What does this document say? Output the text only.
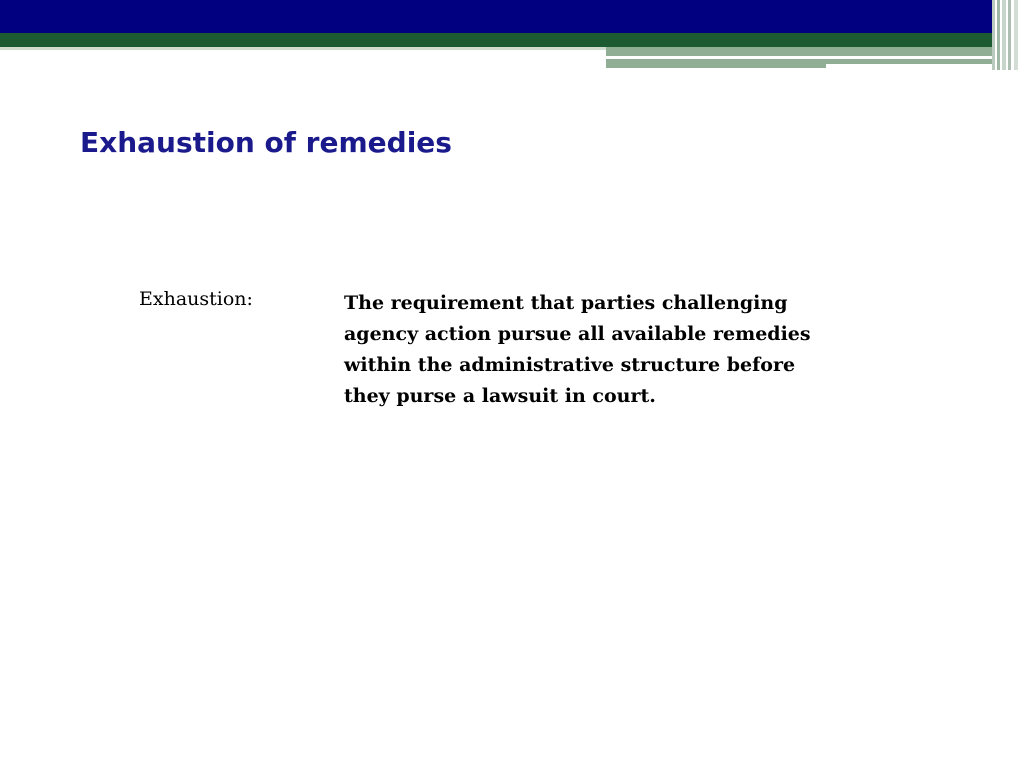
Exhaustion of remedies

Exhaustion:	The requirement that parties challenging
agency action pursue all available remedies
within the administrative structure before
they purse a lawsuit in court.
